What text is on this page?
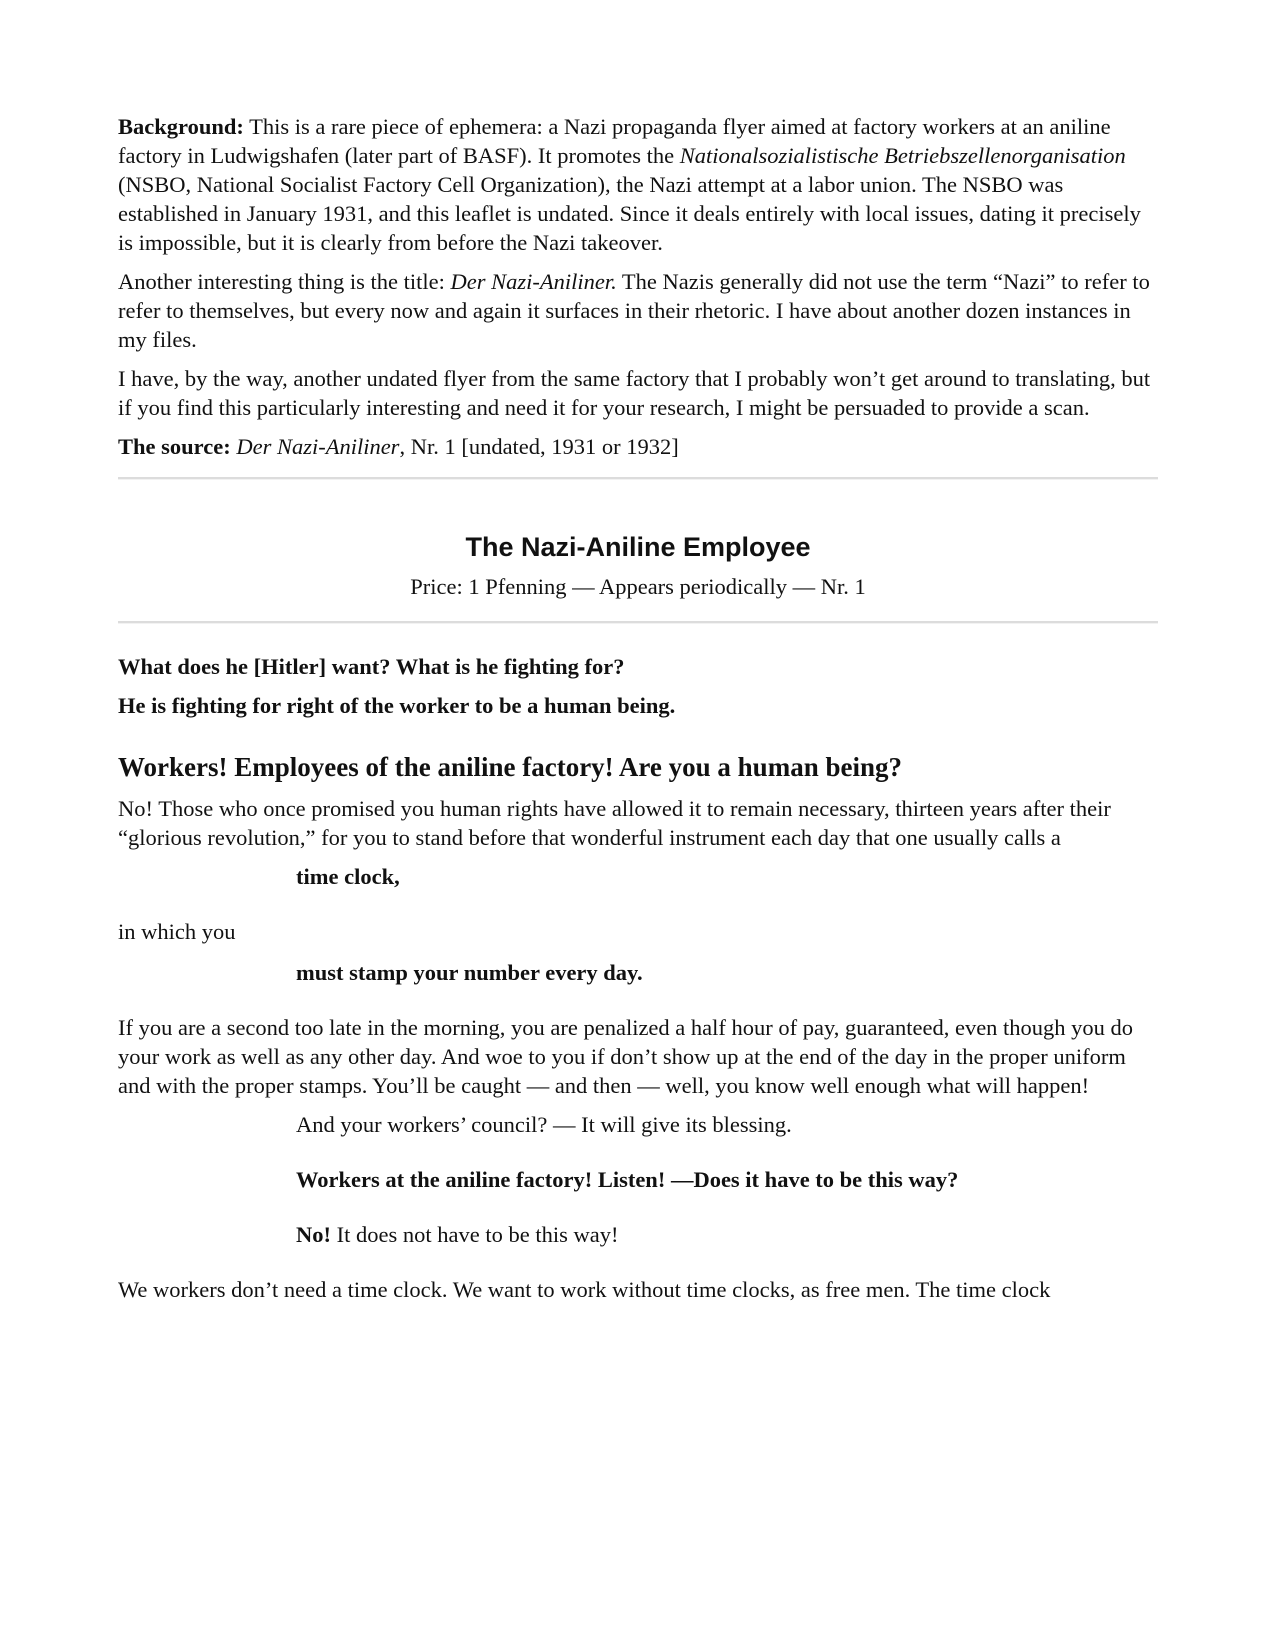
Background: This is a rare piece of ephemera: a Nazi propaganda flyer aimed at factory workers at an aniline factory in Ludwigshafen (later part of BASF). It promotes the Nationalsozialistische Betriebszellenorganisation (NSBO, National Socialist Factory Cell Organization), the Nazi attempt at a labor union. The NSBO was established in January 1931, and this leaflet is undated. Since it deals entirely with local issues, dating it precisely is impossible, but it is clearly from before the Nazi takeover.

Another interesting thing is the title: Der Nazi-Aniliner. The Nazis generally did not use the term “Nazi” to refer to refer to themselves, but every now and again it surfaces in their rhetoric. I have about another dozen instances in my files.

I have, by the way, another undated flyer from the same factory that I probably won’t get around to translating, but if you find this particularly interesting and need it for your research, I might be persuaded to provide a scan.

The source: Der Nazi-Aniliner, Nr. 1 [undated, 1931 or 1932]

The Nazi-Aniline Employee
Price: 1 Pfenning — Appears periodically — Nr. 1

What does he [Hitler] want? What is he fighting for?

He is fighting for right of the worker to be a human being.

Workers! Employees of the aniline factory! Are you a human being?

No! Those who once promised you human rights have allowed it to remain necessary, thirteen years after their “glorious revolution,” for you to stand before that wonderful instrument each day that one usually calls a

time clock,

in which you

must stamp your number every day.

If you are a second too late in the morning, you are penalized a half hour of pay, guaranteed, even though you do your work as well as any other day. And woe to you if don’t show up at the end of the day in the proper uniform and with the proper stamps. You’ll be caught — and then — well, you know well enough what will happen!

And your workers’ council? — It will give its blessing.

Workers at the aniline factory! Listen! —Does it have to be this way?

No! It does not have to be this way!

We workers don’t need a time clock. We want to work without time clocks, as free men. The time clock
